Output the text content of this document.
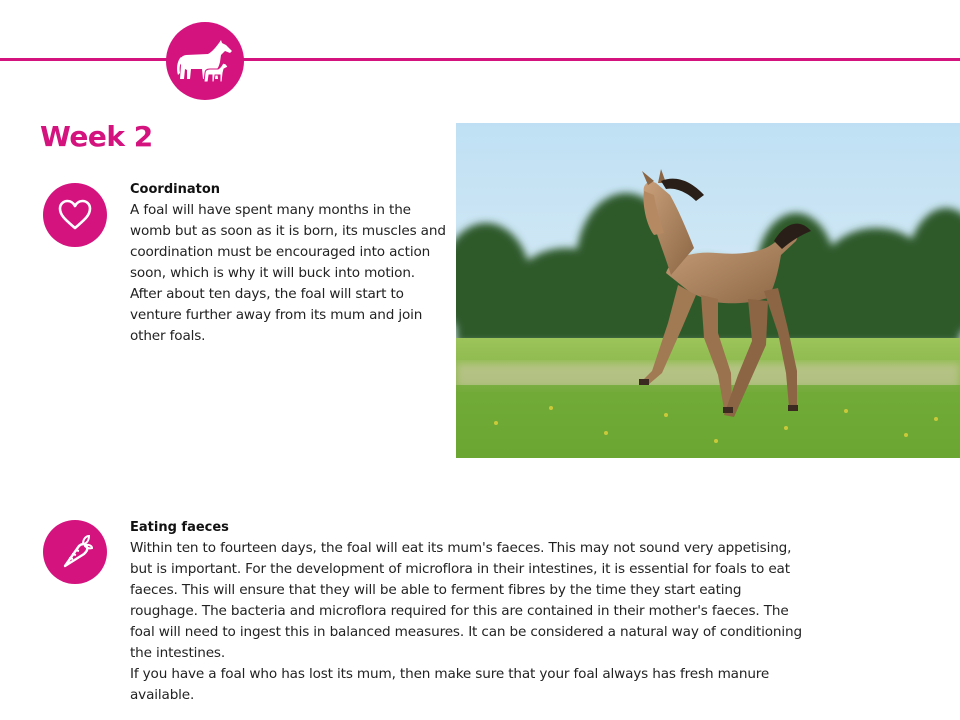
Week 2

Coordinaton

A foal will have spent many months in the womb but as soon as it is born, its muscles and coordination must be encouraged into action soon, which is why it will buck into motion. After about ten days, the foal will start to venture further away from its mum and join other foals.

Eating faeces

Within ten to fourteen days, the foal will eat its mum's faeces. This may not sound very appetising, but is important. For the development of microflora in their intestines, it is essential for foals to eat faeces. This will ensure that they will be able to ferment fibres by the time they start eating roughage. The bacteria and microflora required for this are contained in their mother's faeces. The foal will need to ingest this in balanced measures. It can be considered a natural way of conditioning the intestines.

If you have a foal who has lost its mum, then make sure that your foal always has fresh manure available.
